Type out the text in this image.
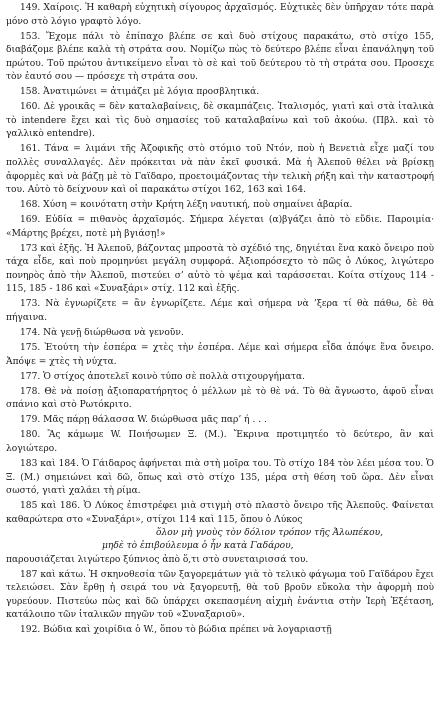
149. Χαίροις. Ἡ καθαρὴ εὐχητικὴ σίγουρος ἀρχαϊσμός. Εὐχτικὲς δὲν ὑπῆρχαν τότε παρὰ μόνο στὸ λόγιο γραφτὸ λόγο.

153. Ἔχομε πάλι τὸ ἐπίπαχο βλέπε σε καὶ δυὸ στίχους παρακάτω, στὸ στίχο 155, διαβάζομε βλέπε καλὰ τὴ στράτα σου. Νομίζω πὼς τὸ δεύτερο βλέπε εἶναι ἐπανάληψη τοῦ πρώτου. Τοῦ πρώτου ἀντικείμενο εἶναι τὸ σὲ καὶ τοῦ δεύτερου τὸ τὴ στράτα σου. Προσεχε τὸν ἑαυτό σου — πρόσεχε τὴ στράτα σου.

158. Ἀνατιμώνει = ἀτιμάζει μὲ λόγια προσβλητικά.

160. Δὲ γροικᾶς = δὲν καταλαβαίνεις, δὲ σκαμπάζεις. Ἰταλισμός, γιατὶ καὶ στὰ ἰταλικὰ τὸ intendere ἔχει καὶ τὶς δυὸ σημασίες τοῦ καταλαβαίνω καὶ τοῦ ἀκούω. (Πβλ. καὶ τὸ γαλλικὸ entendre).

161. Τάνα = λιμάνι τῆς Ἀζοφικῆς στὸ στόμιο τοῦ Ντόν, ποὺ ἡ Βενετιὰ εἶχε μαζί του πολλὲς συναλλαγές. Δὲν πρόκειται νὰ πὰν ἐκεῖ φυσικά. Μὰ ἡ Ἀλεποῦ θέλει νὰ βρίσκῃ ἀφορμὲς καὶ νὰ βάζῃ μὲ τὸ Γαϊδαρο, προετοιμάζοντας τὴν τελικὴ ρήξη καὶ τὴν καταστροφή του. Αὐτὸ τὸ δείχνουν καὶ οἱ παρακάτω στίχοι 162, 163 καὶ 164.

168. Χύση = κοινότατη στὴν Κρήτη λέξη ναυτική, ποὺ σημαίνει ἀβαρία.

169. Εὐδία = πιθανὸς ἀρχαϊσμός. Σήμερα λέγεται (α)βγάζει ἀπὸ τὸ εὔδιε. Παροιμία· «Μάρτης βρέχει, ποτὲ μὴ βγιάσῃ!»

173 καὶ ἑξῆς. Ἡ Ἀλεποῦ, βάζοντας μπροστὰ τὸ σχέδιό της, δηγιέται ἕνα κακὸ ὄνειρο ποὺ τάχα εἶδε, καὶ ποὺ προμηνύει μεγάλη συμφορά. Ἀξιοπρόσεχτο τὸ πῶς ὁ Λύκος, λιγώτερο πονηρὸς ἀπὸ τὴν Ἀλεποῦ, πιστεύει σ’ αὐτὸ τὸ ψέμα καὶ ταράσσεται. Κοίτα στίχους 114 - 115, 185 - 186 καὶ «Συναξάρι» στίχ. 112 καὶ ἑξῆς.

173. Νὰ ἐγνωρίζετε = ἂν ἐγνωρίζετε. Λέμε καὶ σήμερα νὰ ’ξερα τί θὰ πάθω, δὲ θὰ πήγαινα.

174. Νὰ γενῇ διώρθωσα νὰ γενοῦν.

175. Ἐτούτη τὴν ἑσπέρα = χτὲς τὴν ἑσπέρα. Λέμε καὶ σήμερα εἶδα ἀπόψε ἕνα ὄνειρο. Ἀπόψε = χτὲς τὴ νύχτα.

177. Ὁ στίχος ἀποτελεῖ κοινὸ τύπο σὲ πολλὰ στιχουργήματα.

178. Θὲ νὰ ποίσῃ ἀξιοπαρατήρητος ὁ μέλλων μὲ τὸ θὲ νά. Τὸ θὰ ἄγνωστο, ἀφοῦ εἶναι σπάνιο καὶ στὸ Ρωτόκριτο.

179. Μᾶς πάρῃ θάλασσα W. διώρθωσα μᾶς παρ’ ή . . .

180. Ἂς κάμωμε W. Ποιήσωμεν Ξ. (Μ.). Ἔκρινα προτιμητέο τὸ δεύτερο, ἂν καὶ λογιώτερο.

183 καὶ 184. Ὁ Γάιδαρος ἀφήνεται πιὰ στὴ μοῖρα του. Τὸ στίχο 184 τὸν λέει μέσα του. Ὁ Ξ. (Μ.) σημειώνει καὶ δῶ, ὅπως καὶ στὸ στίχο 135, μέρα στὴ θέση τοῦ ὥρα. Δὲν εἶναι σωστό, γιατὶ χαλάει τὴ ρίμα.

185 καὶ 186. Ὁ Λύκος ἐπιστρέφει μιὰ στιγμὴ στὸ πλαστὸ ὄνειρο τῆς Ἀλεποῦς. Φαίνεται καθαρώτερα στο «Συναξάρι», στίχοι 114 καὶ 115, ὅπου ὁ Λύκος

ὅλον μὴ γνοὺς τὸν δόλιον τρόπον τῆς Ἀλωπέκου,

μηδὲ τὸ ἐπιβούλευμα ὁ ἦν κατὰ Γαδάρου,

παρουσιάζεται λιγώτερο ξύπνιος ἀπὸ ὅ,τι στὸ συνεταιρισσά του.

187 καὶ κάτω. Ἡ σκηνοθεσία τῶν ξαγορεμάτων γιὰ τὸ τελικὸ φάγωμα τοῦ Γαϊδάρου ἔχει τελειώσει. Σὰν ἔρθῃ ἡ σειρά του νὰ ξαγορευτῇ, θὰ τοῦ βροῦν εὔκολα τὴν ἀφορμὴ ποὺ γυρεύουν. Πιστεύω πὼς καὶ δῶ ὑπάρχει σκεπασμένη αἰχμὴ ἐνάντια στὴν Ἱερὴ Ἐξέταση, κατάλοιπο τῶν ἰταλικῶν πηγῶν τοῦ «Συναξαριοῦ».

192. Βώδια καὶ χοιρίδια ὁ W., ὅπου τὸ βώδια πρέπει νὰ λογαριαστῇ
